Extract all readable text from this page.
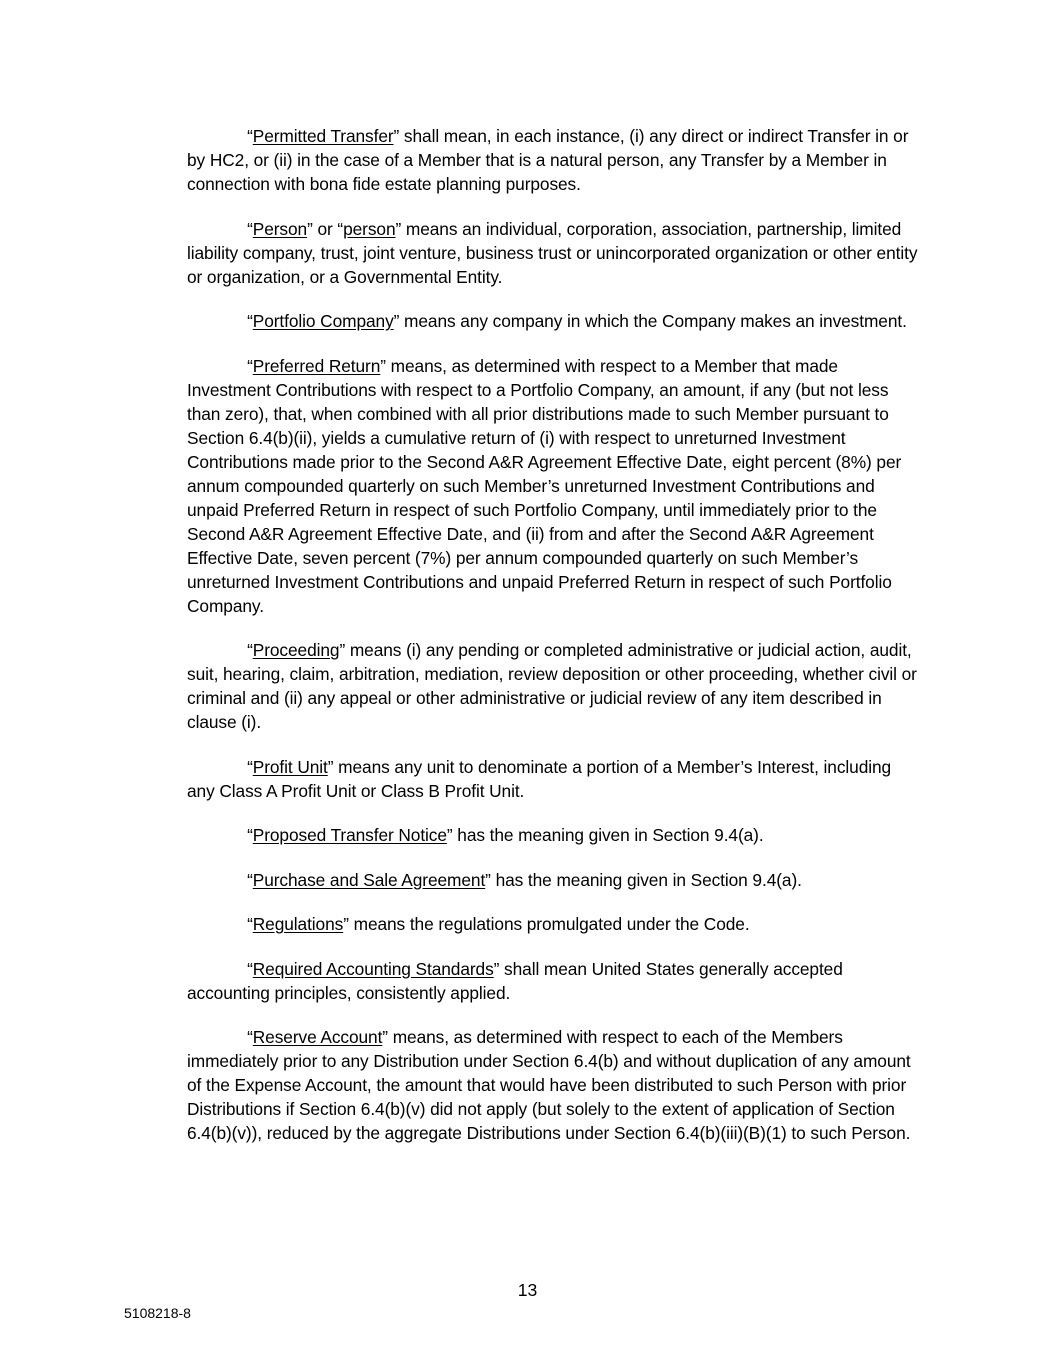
“Permitted Transfer” shall mean, in each instance, (i) any direct or indirect Transfer in or by HC2, or (ii) in the case of a Member that is a natural person, any Transfer by a Member in connection with bona fide estate planning purposes.

“Person” or “person” means an individual, corporation, association, partnership, limited liability company, trust, joint venture, business trust or unincorporated organization or other entity or organization, or a Governmental Entity.

“Portfolio Company” means any company in which the Company makes an investment.

“Preferred Return” means, as determined with respect to a Member that made Investment Contributions with respect to a Portfolio Company, an amount, if any (but not less than zero), that, when combined with all prior distributions made to such Member pursuant to Section 6.4(b)(ii), yields a cumulative return of (i) with respect to unreturned Investment Contributions made prior to the Second A&R Agreement Effective Date, eight percent (8%) per annum compounded quarterly on such Member’s unreturned Investment Contributions and unpaid Preferred Return in respect of such Portfolio Company, until immediately prior to the Second A&R Agreement Effective Date, and (ii) from and after the Second A&R Agreement Effective Date, seven percent (7%) per annum compounded quarterly on such Member’s unreturned Investment Contributions and unpaid Preferred Return in respect of such Portfolio Company.

“Proceeding” means (i) any pending or completed administrative or judicial action, audit, suit, hearing, claim, arbitration, mediation, review deposition or other proceeding, whether civil or criminal and (ii) any appeal or other administrative or judicial review of any item described in clause (i).

“Profit Unit” means any unit to denominate a portion of a Member’s Interest, including any Class A Profit Unit or Class B Profit Unit.

“Proposed Transfer Notice” has the meaning given in Section 9.4(a).

“Purchase and Sale Agreement” has the meaning given in Section 9.4(a).

“Regulations” means the regulations promulgated under the Code.

“Required Accounting Standards” shall mean United States generally accepted accounting principles, consistently applied.

“Reserve Account” means, as determined with respect to each of the Members immediately prior to any Distribution under Section 6.4(b) and without duplication of any amount of the Expense Account, the amount that would have been distributed to such Person with prior Distributions if Section 6.4(b)(v) did not apply (but solely to the extent of application of Section 6.4(b)(v)), reduced by the aggregate Distributions under Section 6.4(b)(iii)(B)(1) to such Person.

13
5108218-8
